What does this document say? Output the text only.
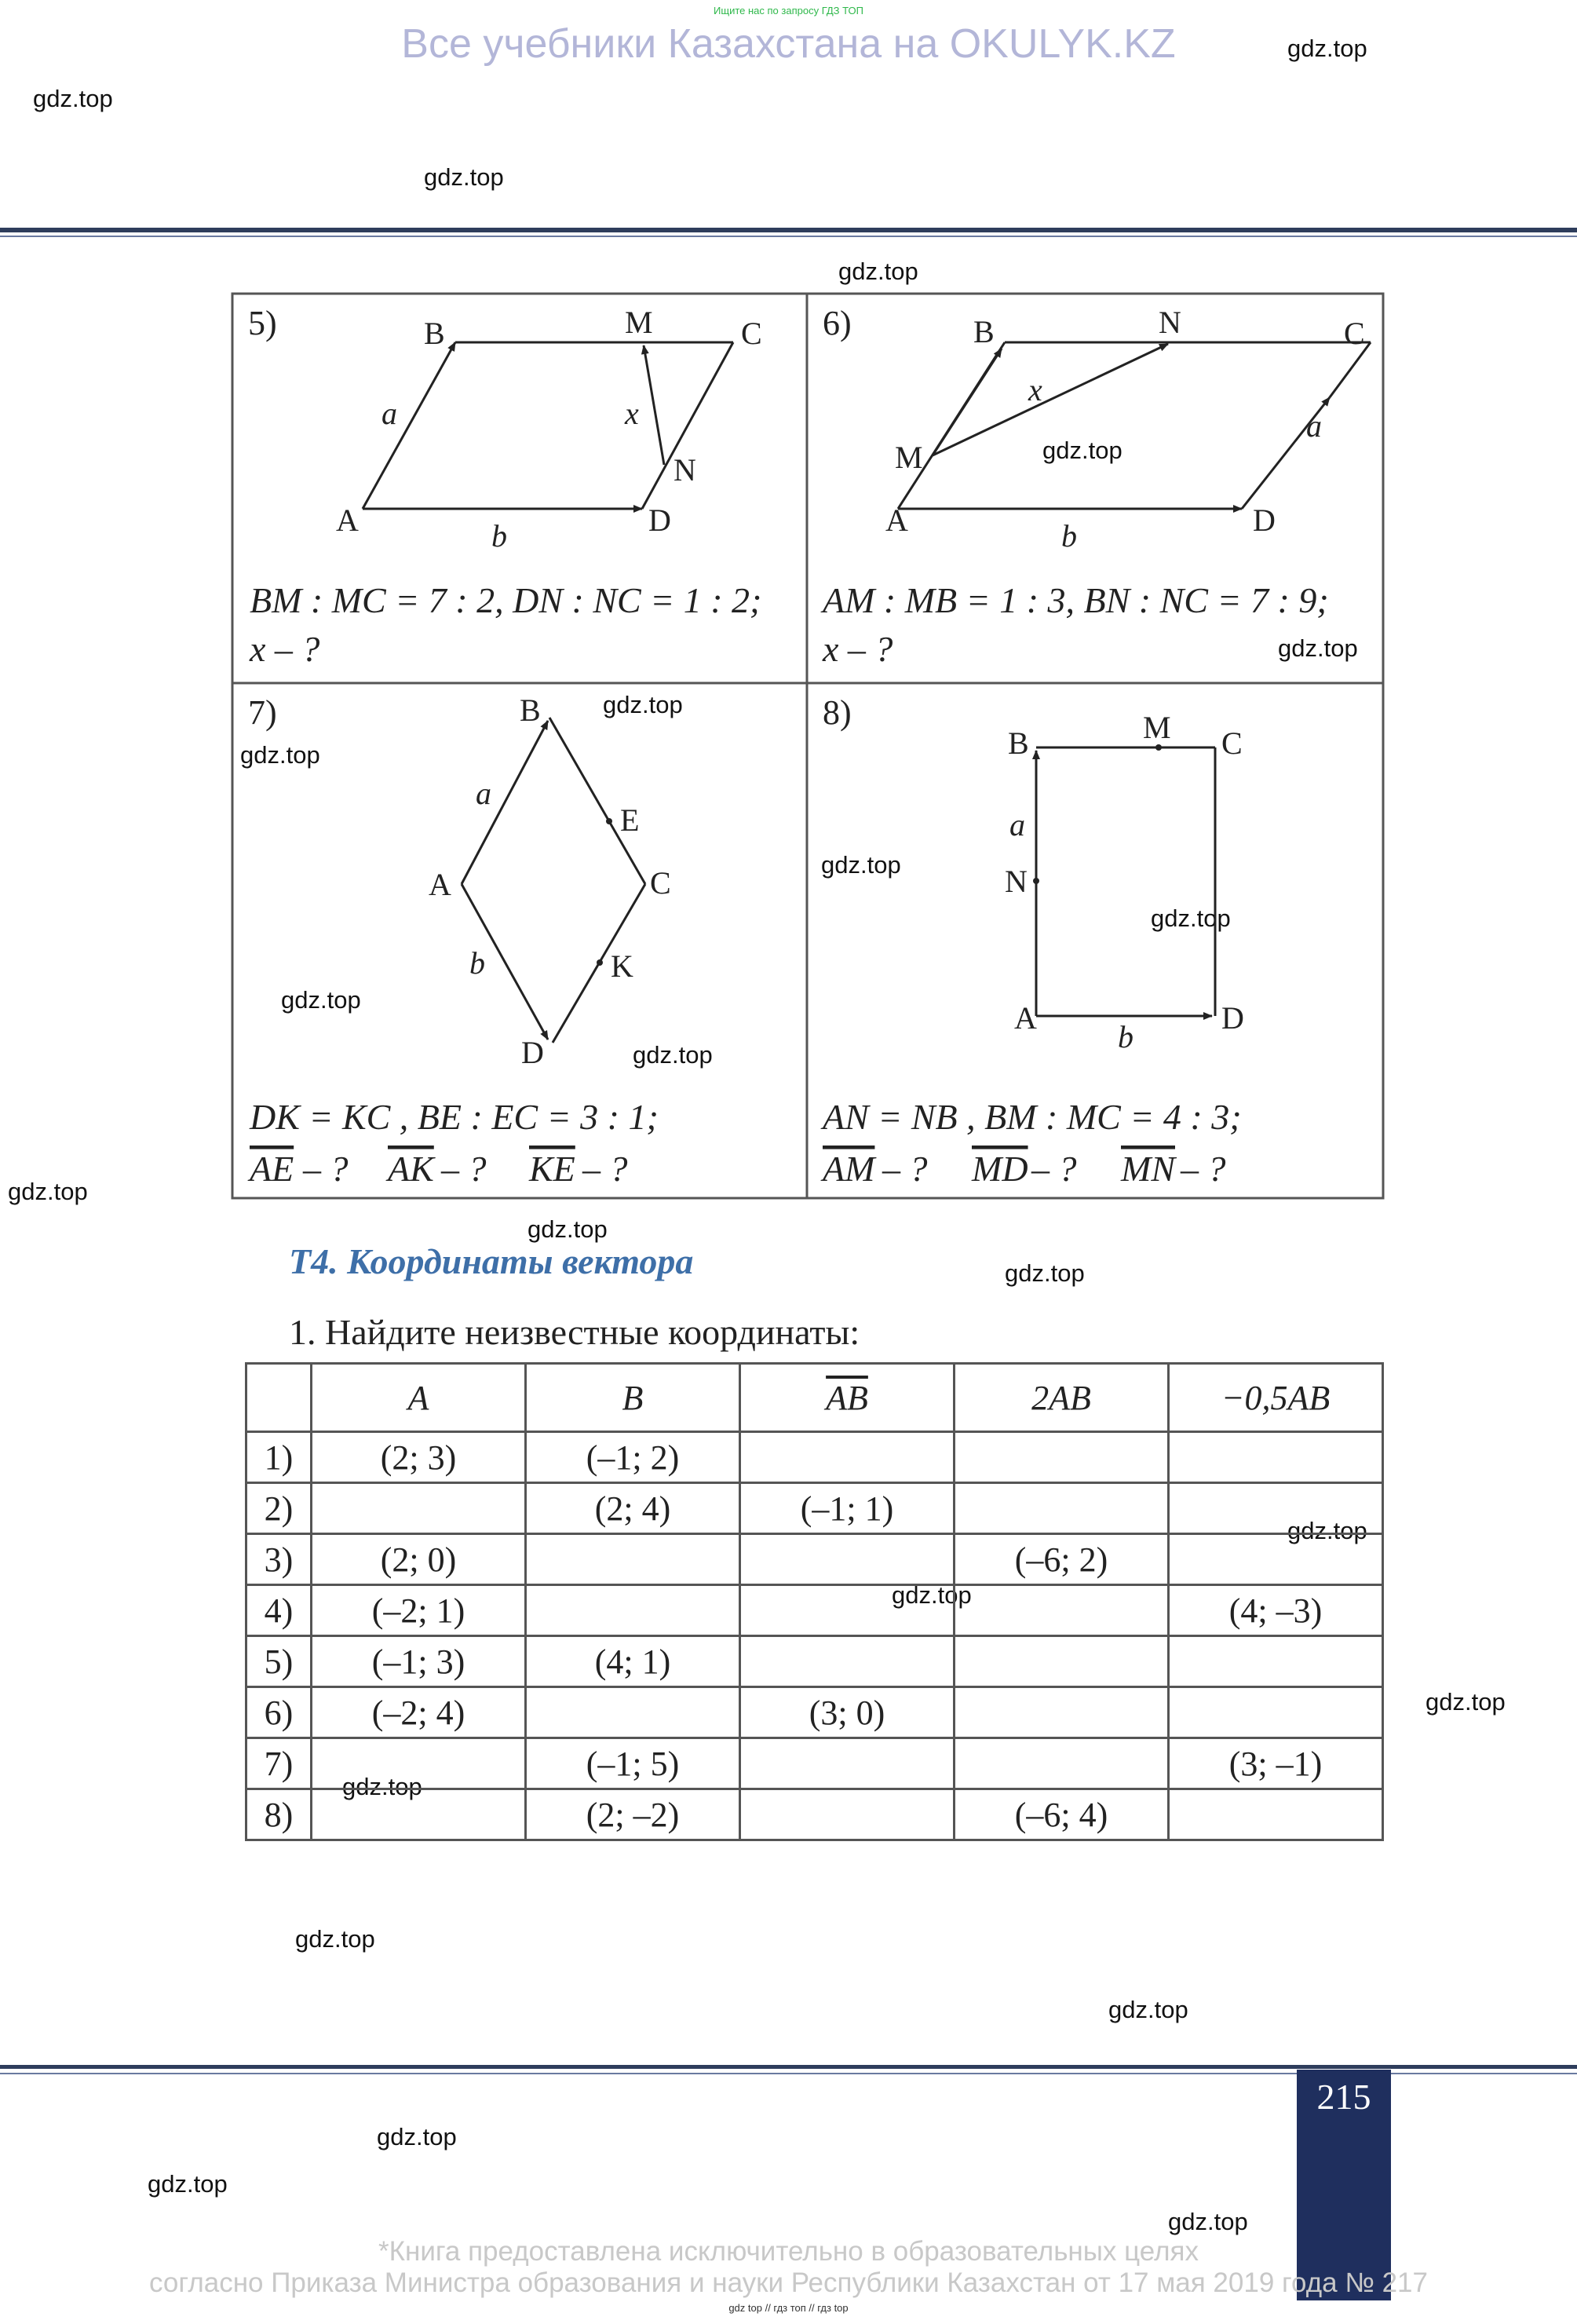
Ищите нас по запросу ГДЗ ТОП
Все учебники Казахстана на OKULYK.KZ	gdz.top
gdz.top
gdz.top
gdz.top
gdz.top
gdz.top
gdz.top
gdz.top
gdz.top
gdz.top
gdz.top
gdz.top
gdz.top
gdz.top
gdz.top
gdz.top
gdz.top
gdz.top
gdz.top
gdz.top
gdz.top
gdz.top
gdz.top
gdz.top
5)	B	M	C
A	D
N
a
b
x
BM : MC = 7 : 2, DN : NC = 1 : 2;
x – ?
6)	B	N	C
M
A	D
x
a
b
AM : MB = 1 : 3, BN : NC = 7 : 9;
x – ?
7)	B
E
A	C
K
D
a
b
DK = KC , BE : EC = 3 : 1;
AE – ? AK – ? KE – ?
8)
B	M C
N
A	D
a
b
AN = NB , BM : MC = 4 : 3;
AM – ? MD – ? MN – ?
T4. Координаты вектора
1. Найдите неизвестные координаты:
	A	B	$\overline{AB}$	2AB	−0,5AB
1)	(2; 3)	(–1; 2)			
2)		(2; 4)	(–1; 1)		
3)	(2; 0)			(–6; 2)	
4)	(–2; 1)				(4; –3)
5)	(–1; 3)	(4; 1)			
6)	(–2; 4)		(3; 0)		
7)		(–1; 5)			(3; –1)
8)		(2; –2)		(–6; 4)	
215
*Книга предоставлена исключительно в образовательных целях
согласно Приказа Министра образования и науки Республики Казахстан от 17 мая 2019 года № 217
gdz top // гдз топ // гдз top
